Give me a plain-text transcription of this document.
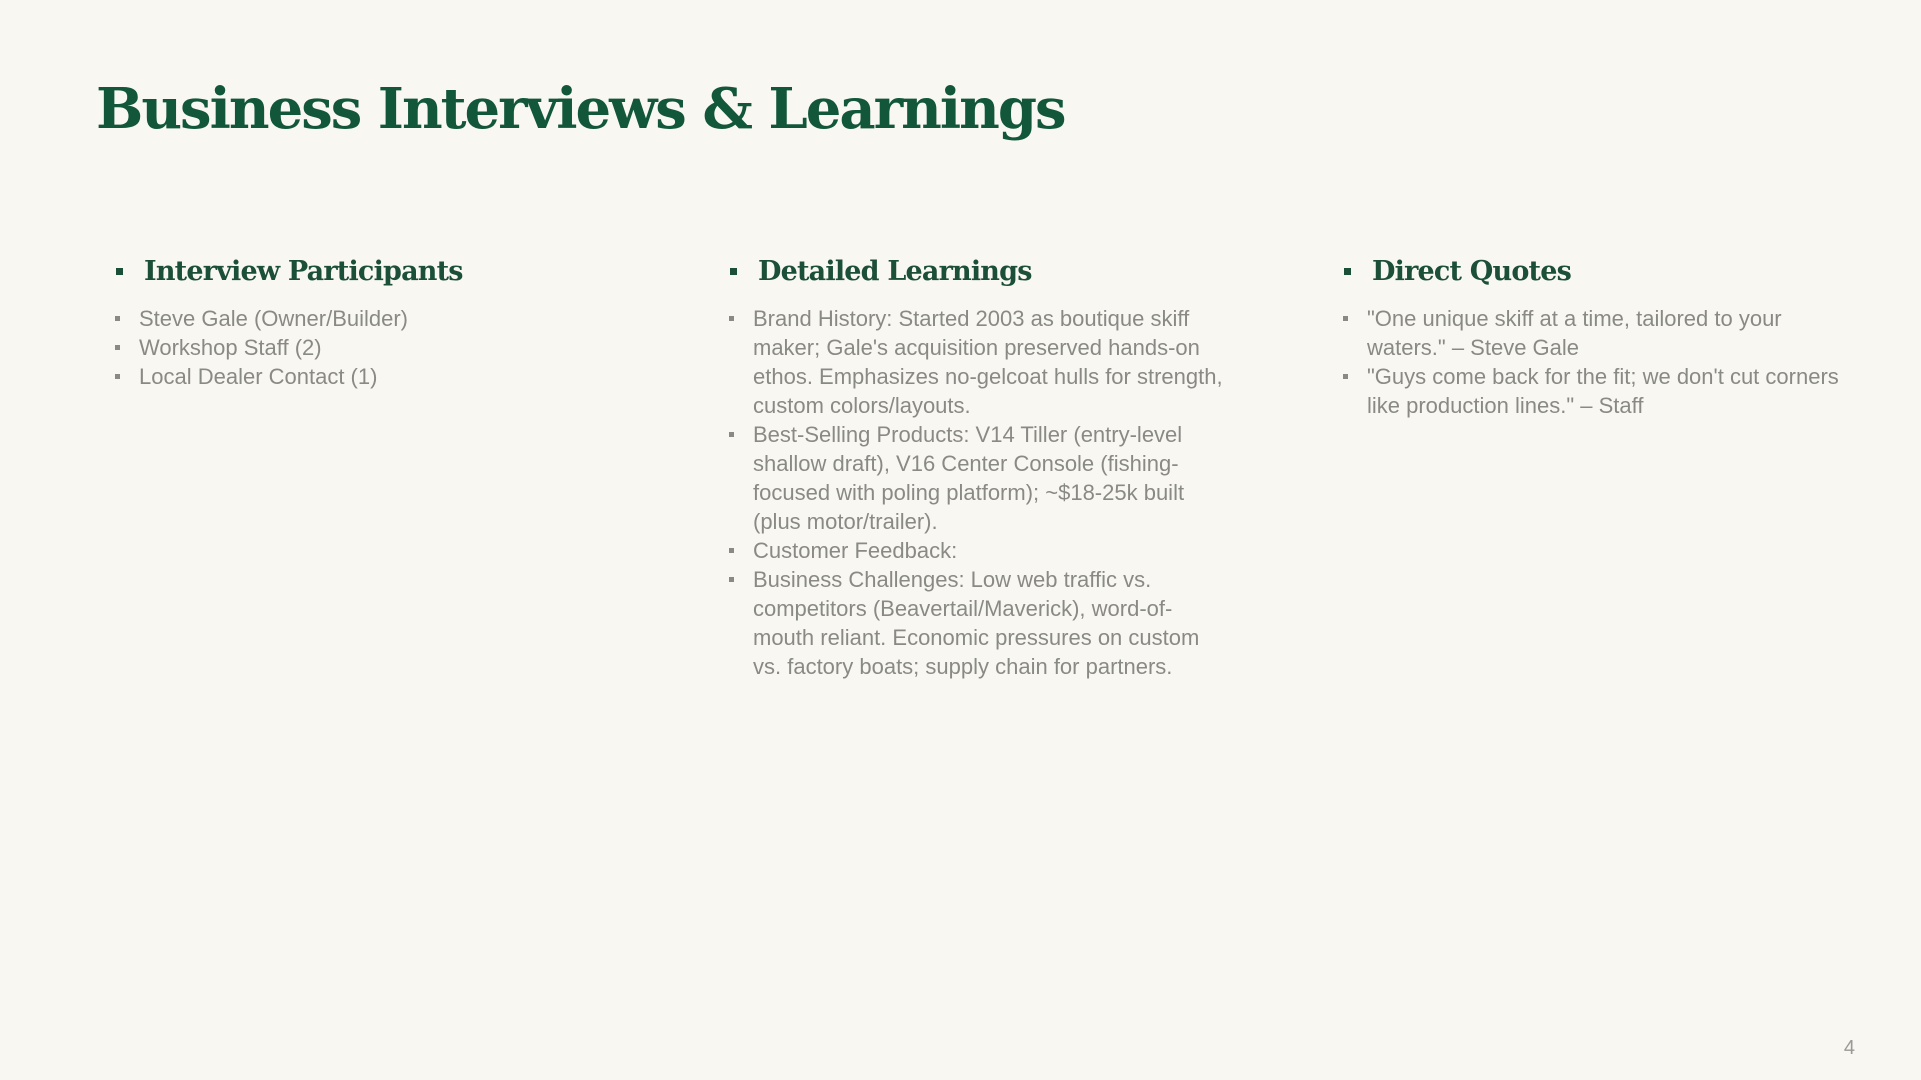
Business Interviews & Learnings
Interview Participants
Steve Gale (Owner/Builder)
Workshop Staff (2)
Local Dealer Contact (1)
Detailed Learnings
Brand History: Started 2003 as boutique skiff maker; Gale's acquisition preserved hands-on ethos. Emphasizes no-gelcoat hulls for strength, custom colors/layouts.
Best-Selling Products: V14 Tiller (entry-level shallow draft), V16 Center Console (fishing-focused with poling platform); ~$18-25k built (plus motor/trailer).
Customer Feedback:
Business Challenges: Low web traffic vs. competitors (Beavertail/Maverick), word-of-mouth reliant. Economic pressures on custom vs. factory boats; supply chain for partners.
Direct Quotes
"One unique skiff at a time, tailored to your waters." – Steve Gale
"Guys come back for the fit; we don't cut corners like production lines." – Staff
4
